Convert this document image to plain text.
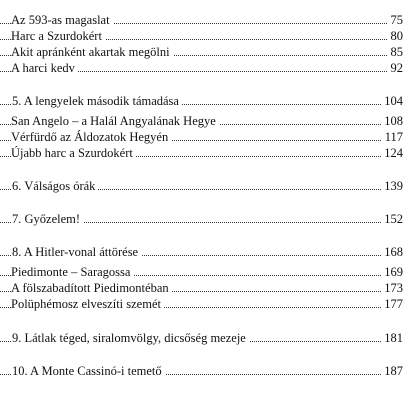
Az 593-as magaslat	75
Harc a Szurdokért	80
Akit apránként akartak megölni	85
A harci kedv	92
5. A lengyelek második támadása	104
San Angelo – a Halál Angyalának Hegye	108
Vérfürdő az Áldozatok Hegyén	117
Újabb harc a Szurdokért	124
6. Válságos órák	139
7. Győzelem!	152
8. A Hitler-vonal áttörése	168
Piedimonte – Saragossa	169
A fölszabadított Piedimontéban	173
Polüphémosz elveszíti szemét	177
9. Látlak téged, siralomvölgy, dicsőség mezeje	181
10. A Monte Cassinó-i temető	187
